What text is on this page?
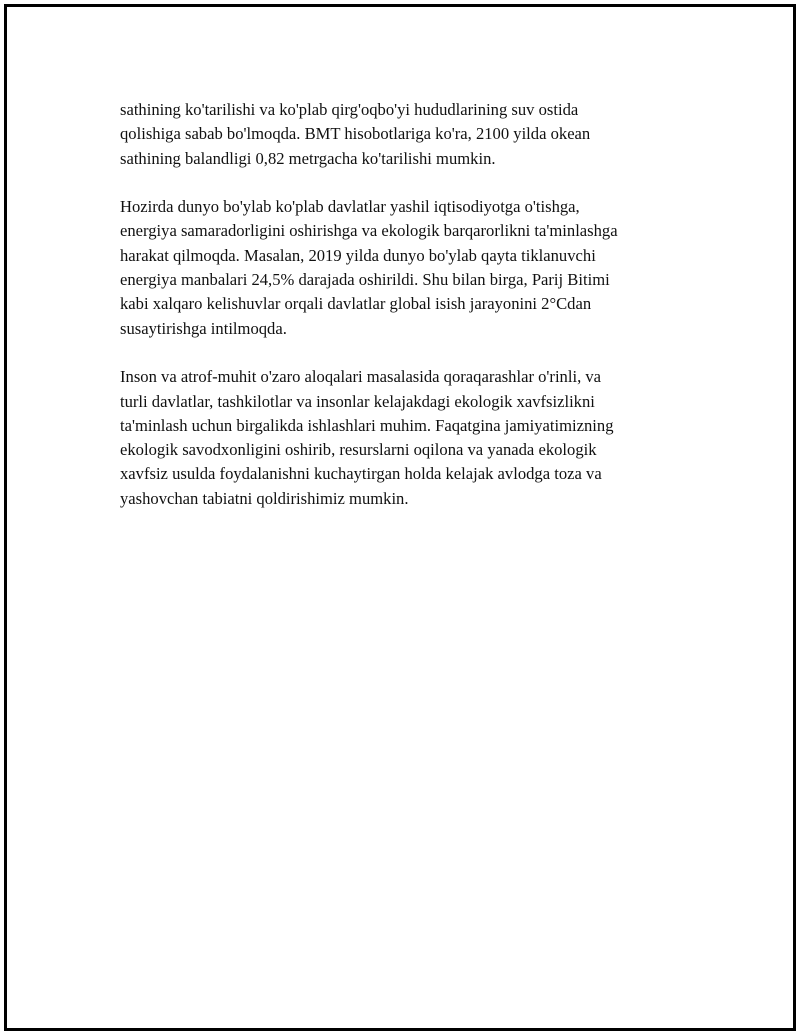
sathining ko'tarilishi va ko'plab qirg'oqbo'yi hududlarining suv ostida
qolishiga sabab bo'lmoqda. BMT hisobotlariga ko'ra, 2100 yilda okean
sathining balandligi 0,82 metrgacha ko'tarilishi mumkin.

Hozirda dunyo bo'ylab ko'plab davlatlar yashil iqtisodiyotga o'tishga,
energiya samaradorligini oshirishga va ekologik barqarorlikni ta'minlashga
harakat qilmoqda. Masalan, 2019 yilda dunyo bo'ylab qayta tiklanuvchi
energiya manbalari 24,5% darajada oshirildi. Shu bilan birga, Parij Bitimi
kabi xalqaro kelishuvlar orqali davlatlar global isish jarayonini 2°Cdan
susaytirishga intilmoqda.

Inson va atrof-muhit o'zaro aloqalari masalasida qoraqarashlar o'rinli, va
turli davlatlar, tashkilotlar va insonlar kelajakdagi ekologik xavfsizlikni
ta'minlash uchun birgalikda ishlashlari muhim. Faqatgina jamiyatimizning
ekologik savodxonligini oshirib, resurslarni oqilona va yanada ekologik
xavfsiz usulda foydalanishni kuchaytirgan holda kelajak avlodga toza va
yashovchan tabiatni qoldirishimiz mumkin.
